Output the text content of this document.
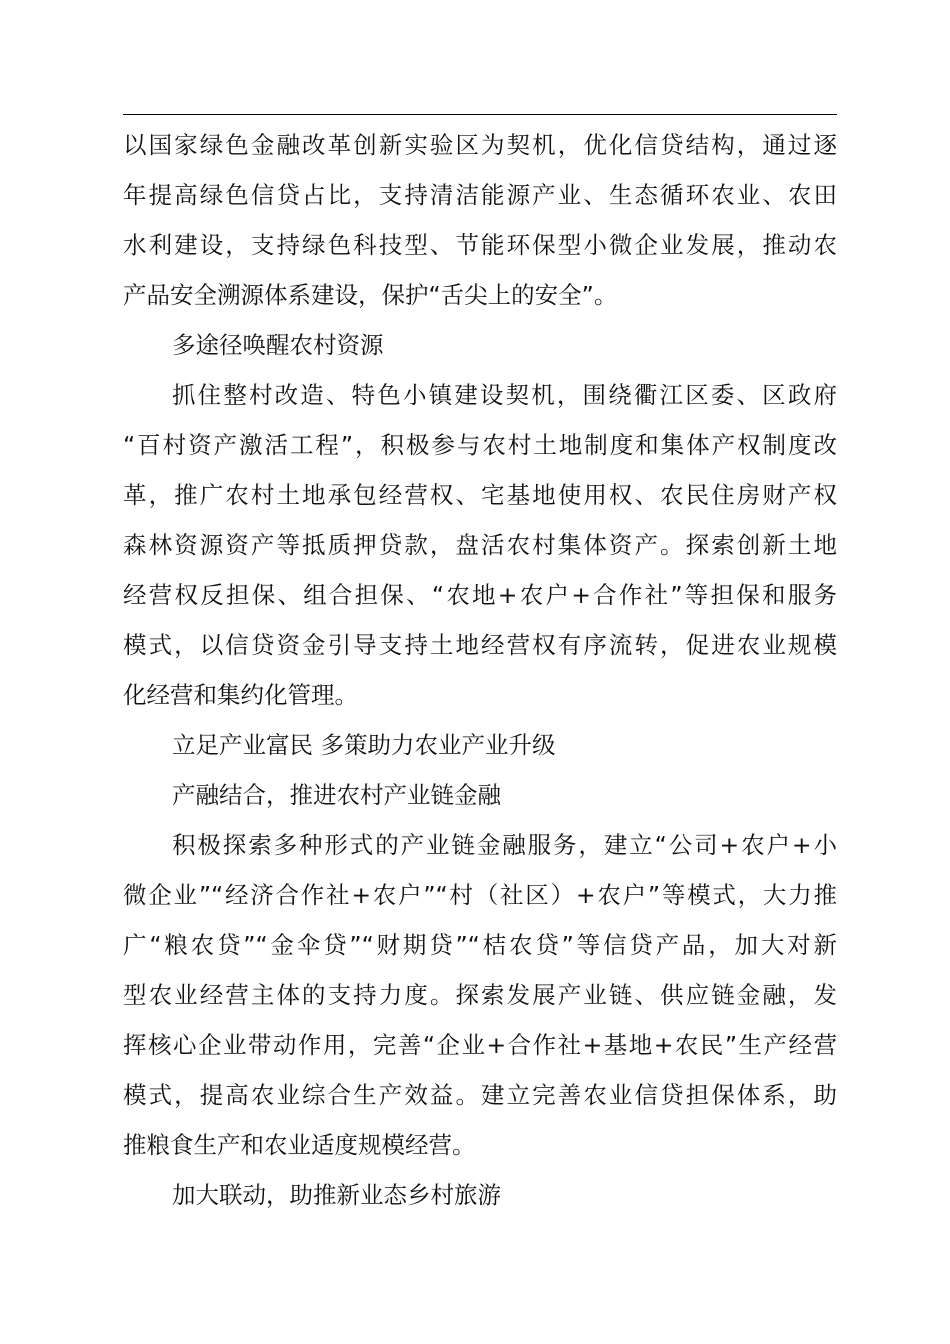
以国家绿色金融改革创新实验区为契机，优化信贷结构，通过逐
年提高绿色信贷占比，支持清洁能源产业、生态循环农业、农田
水利建设，支持绿色科技型、节能环保型小微企业发展，推动农
产品安全溯源体系建设，保护“舌尖上的安全”。
多途径唤醒农村资源
抓住整村改造、特色小镇建设契机，围绕衢江区委、区政府
“百村资产激活工程”，积极参与农村土地制度和集体产权制度改
革，推广农村土地承包经营权、宅基地使用权、农民住房财产权
森林资源资产等抵质押贷款，盘活农村集体资产。探索创新土地
经营权反担保、组合担保、“农地+农户+合作社”等担保和服务
模式，以信贷资金引导支持土地经营权有序流转，促进农业规模
化经营和集约化管理。
立足产业富民 多策助力农业产业升级
产融结合，推进农村产业链金融
积极探索多种形式的产业链金融服务，建立“公司+农户+小
微企业”“经济合作社+农户”“村（社区）+农户”等模式，大力推
广“粮农贷”“金伞贷”“财期贷”“桔农贷”等信贷产品，加大对新
型农业经营主体的支持力度。探索发展产业链、供应链金融，发
挥核心企业带动作用，完善“企业+合作社+基地+农民”生产经营
模式，提高农业综合生产效益。建立完善农业信贷担保体系，助
推粮食生产和农业适度规模经营。
加大联动，助推新业态乡村旅游
